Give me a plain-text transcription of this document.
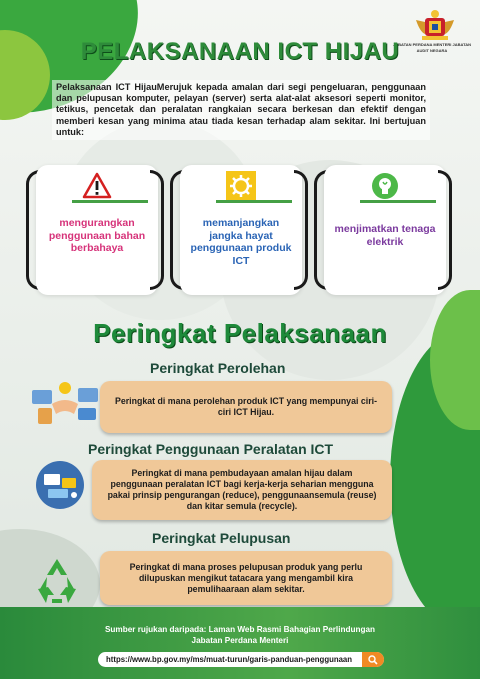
JABATAN PERDANA MENTERI JABATAN AUDIT NEGARA
PELAKSANAAN ICT HIJAU
Pelaksanaan ICT HijauMerujuk kepada amalan dari segi pengeluaran, penggunaan dan pelupusan komputer, pelayan (server) serta alat-alat aksesori seperti monitor, tetikus, pencetak dan peralatan rangkaian secara berkesan dan efektif dengan memberi kesan yang minima atau tiada kesan terhadap alam sekitar. Ini bertujuan untuk:
mengurangkan penggunaan bahan berbahaya
memanjangkan jangka hayat penggunaan produk ICT
menjimatkan tenaga elektrik
Peringkat Pelaksanaan
Peringkat Perolehan
Peringkat di mana perolehan produk ICT yang mempunyai ciri-ciri ICT Hijau.
Peringkat Penggunaan Peralatan ICT
Peringkat di mana pembudayaan amalan hijau dalam penggunaan peralatan ICT bagi kerja-kerja seharian mengguna pakai prinsip pengurangan (reduce), penggunaansemula (reuse) dan kitar semula (recycle).
Peringkat Pelupusan
Peringkat di mana proses pelupusan produk yang perlu dilupuskan mengikut tatacara yang mengambil kira pemulihaaraan alam sekitar.
Sumber rujukan daripada: Laman Web Rasmi Bahagian Perlindungan
Jabatan Perdana Menteri
https://www.bp.gov.my/ms/muat-turun/garis-panduan-penggunaan
